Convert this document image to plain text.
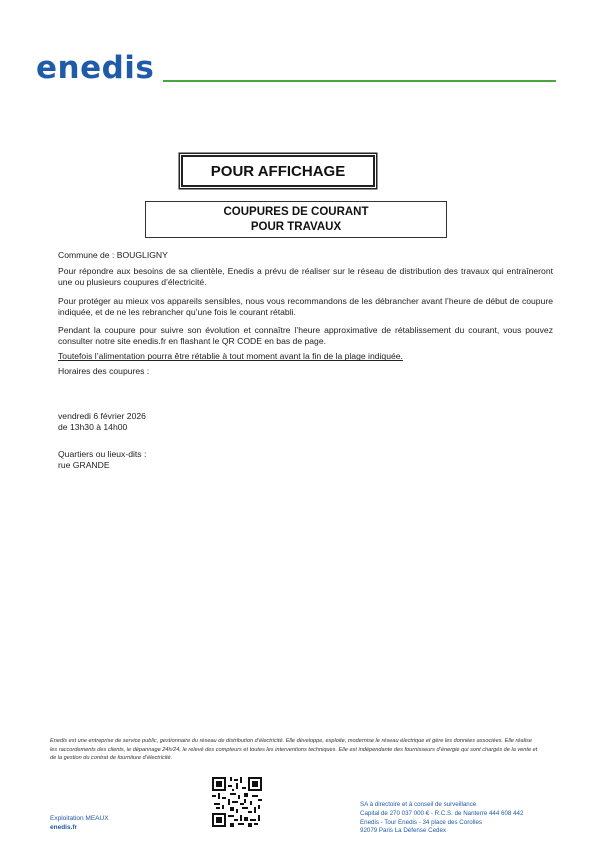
enedis
POUR AFFICHAGE
COUPURES DE COURANT
POUR TRAVAUX

Commune de : BOUGLIGNY

Pour répondre aux besoins de sa clientèle, Enedis a prévu de réaliser sur le réseau de distribution des travaux qui entraîneront une ou plusieurs coupures d’électricité.

Pour protéger au mieux vos appareils sensibles, nous vous recommandons de les débrancher avant l’heure de début de coupure indiquée, et de ne les rebrancher qu’une fois le courant rétabli.

Pendant la coupure pour suivre son évolution et connaître l’heure approximative de rétablissement du courant, vous pouvez consulter notre site enedis.fr en flashant le QR CODE en bas de page.

Toutefois l’alimentation pourra être rétablie à tout moment avant la fin de la plage indiquée.

Horaires des coupures :

vendredi 6 février 2026
de 13h30 à 14h00
Quartiers ou lieux-dits :
rue GRANDE
Enedis est une entreprise de service public, gestionnaire du réseau de distribution d’électricité. Elle développe, exploite, modernise le réseau électrique et gère les données associées. Elle réalise les raccordements des clients, le dépannage 24h/24, le relevé des compteurs et toutes les interventions techniques. Elle est indépendante des fournisseurs d’énergie qui sont chargés de la vente et de la gestion du contrat de fourniture d’électricité.
Exploitation MEAUX
enedis.fr
SA à directoire et à conseil de surveillance
Capital de 270 037 000 € - R.C.S. de Nanterre 444 608 442
Enedis - Tour Enedis - 34 place des Corolles
92079 Paris La Défense Cedex
